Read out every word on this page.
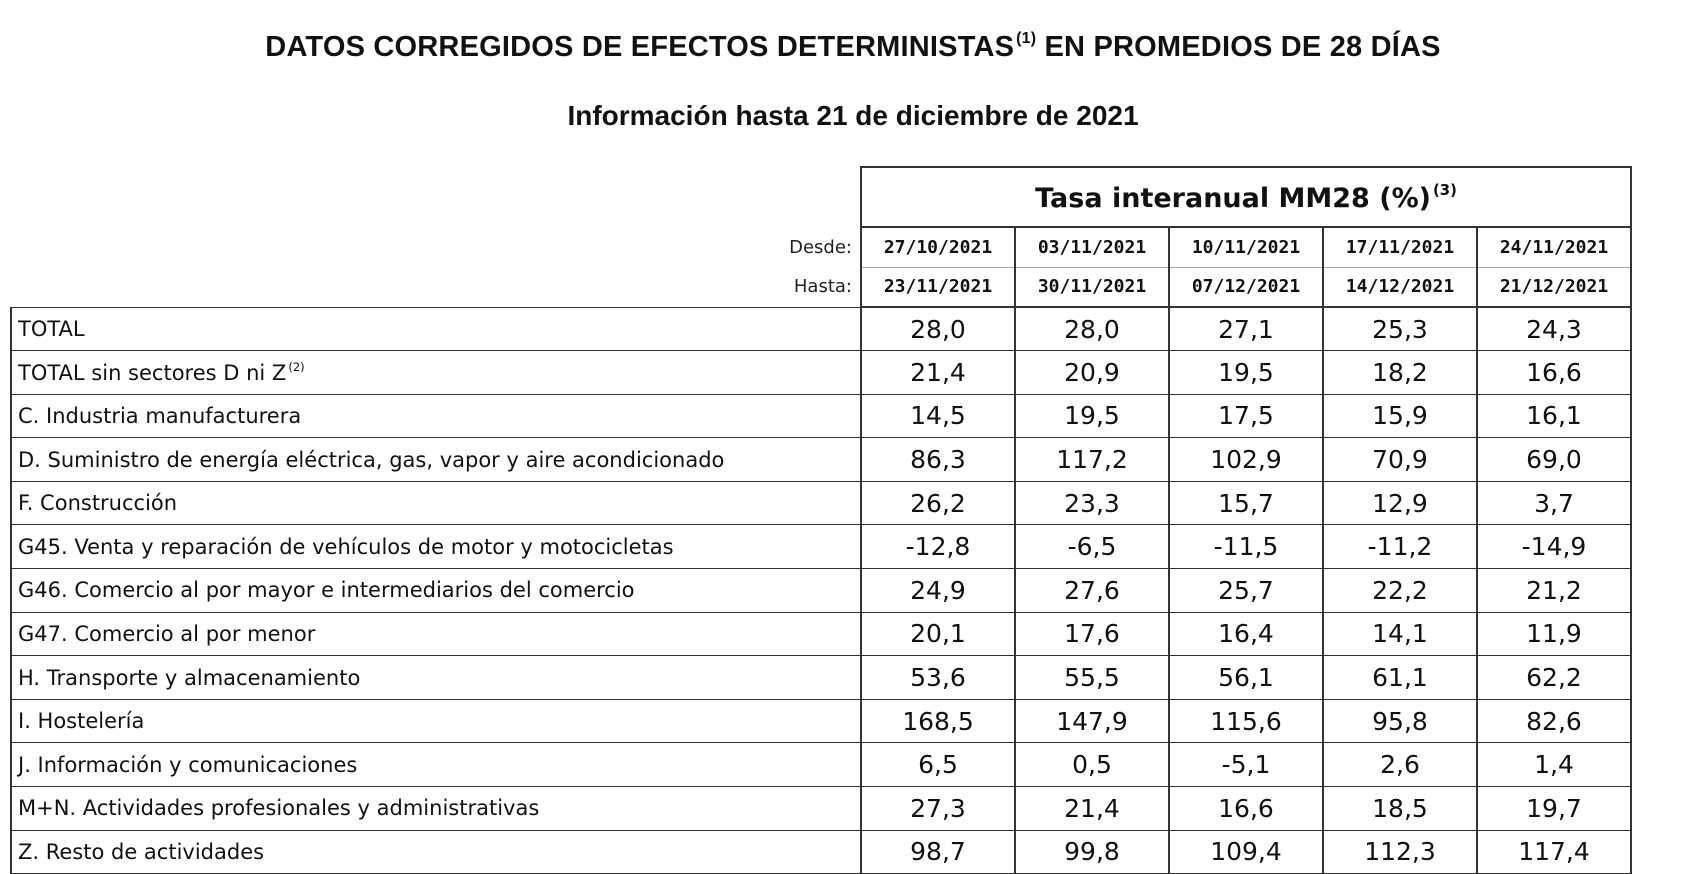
DATOS CORREGIDOS DE EFECTOS DETERMINISTAS $^{(1)}$ EN PROMEDIOS DE 28 DÍAS
Información hasta 21 de diciembre de 2021
	Tasa interanual MM28 (%) $^{(3)}$
Desde:	27/10/2021	03/11/2021	10/11/2021	17/11/2021	24/11/2021
Hasta:	23/11/2021	30/11/2021	07/12/2021	14/12/2021	21/12/2021
TOTAL	28,0	28,0	27,1	25,3	24,3
TOTAL sin sectores D ni Z $^{(2)}$	21,4	20,9	19,5	18,2	16,6
C. Industria manufacturera	14,5	19,5	17,5	15,9	16,1
D. Suministro de energía eléctrica, gas, vapor y aire acondicionado	86,3	117,2	102,9	70,9	69,0
F. Construcción	26,2	23,3	15,7	12,9	3,7
G45. Venta y reparación de vehículos de motor y motocicletas	-12,8	-6,5	-11,5	-11,2	-14,9
G46. Comercio al por mayor e intermediarios del comercio	24,9	27,6	25,7	22,2	21,2
G47. Comercio al por menor	20,1	17,6	16,4	14,1	11,9
H. Transporte y almacenamiento	53,6	55,5	56,1	61,1	62,2
I. Hostelería	168,5	147,9	115,6	95,8	82,6
J. Información y comunicaciones	6,5	0,5	-5,1	2,6	1,4
M+N. Actividades profesionales y administrativas	27,3	21,4	16,6	18,5	19,7
Z. Resto de actividades	98,7	99,8	109,4	112,3	117,4
